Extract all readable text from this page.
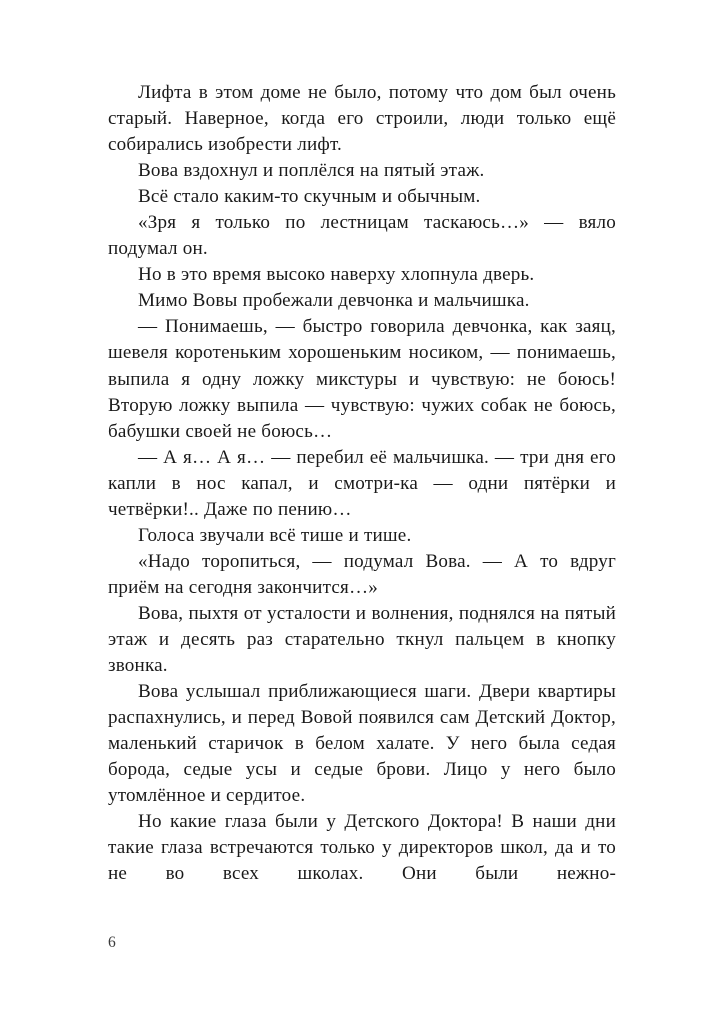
Лифта в этом доме не было, потому что дом был очень старый. Наверное, когда его строили, люди только ещё собирались изобрести лифт.

Вова вздохнул и поплёлся на пятый этаж.

Всё стало каким-то скучным и обычным.

«Зря я только по лестницам таскаюсь…» — вяло подумал он.

Но в это время высоко наверху хлопнула дверь.

Мимо Вовы пробежали девчонка и мальчишка.

— Понимаешь, — быстро говорила девчонка, как заяц, шевеля коротеньким хорошеньким носиком, — понимаешь, выпила я одну ложку микстуры и чувствую: не боюсь! Вторую ложку выпила — чувствую: чужих собак не боюсь, бабушки своей не боюсь…

— А я… А я… — перебил её мальчишка. — три дня его капли в нос капал, и смотри-ка — одни пятёрки и четвёрки!.. Даже по пению…

Голоса звучали всё тише и тише.

«Надо торопиться, — подумал Вова. — А то вдруг приём на сегодня закончится…»

Вова, пыхтя от усталости и волнения, поднялся на пятый этаж и десять раз старательно ткнул пальцем в кнопку звонка.

Вова услышал приближающиеся шаги. Двери квартиры распахнулись, и перед Вовой появился сам Детский Доктор, маленький старичок в белом халате. У него была седая борода, седые усы и седые брови. Лицо у него было утомлённое и сердитое.

Но какие глаза были у Детского Доктора! В наши дни такие глаза встречаются только у директоров школ, да и то не во всех школах. Они были нежно-

6
